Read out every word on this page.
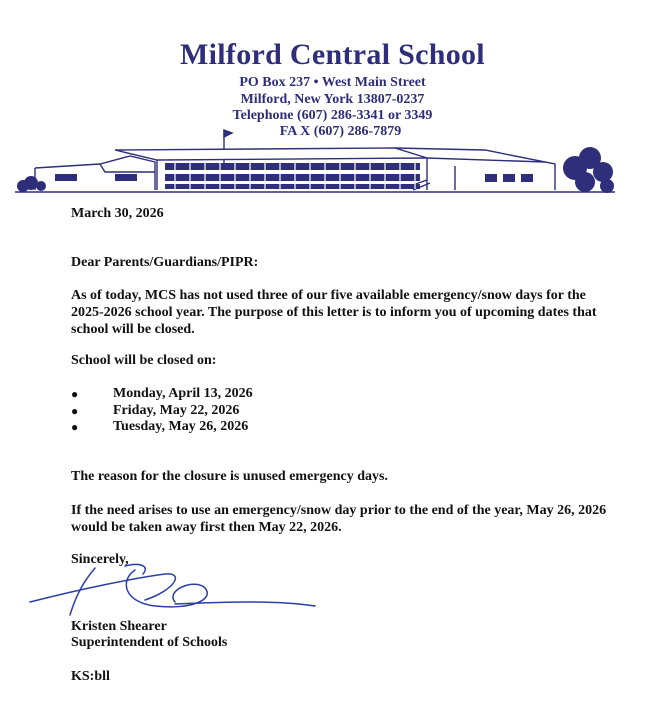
Milford Central School

PO Box 237 • West Main Street

Milford, New York 13807-0237

Telephone (607) 286-3341 or 3349

FA X (607) 286-7879

March 30, 2026

Dear Parents/Guardians/PIPR:

As of today, MCS has not used three of our five available emergency/snow days for the 2025-2026 school year. The purpose of this letter is to inform you of upcoming dates that school will be closed.

School will be closed on:

● Monday, April 13, 2026
● Friday, May 22, 2026
● Tuesday, May 26, 2026

The reason for the closure is unused emergency days.

If the need arises to use an emergency/snow day prior to the end of the year, May 26, 2026 would be taken away first then May 22, 2026.

Sincerely,

Kristen Shearer

Superintendent of Schools

KS:bll
